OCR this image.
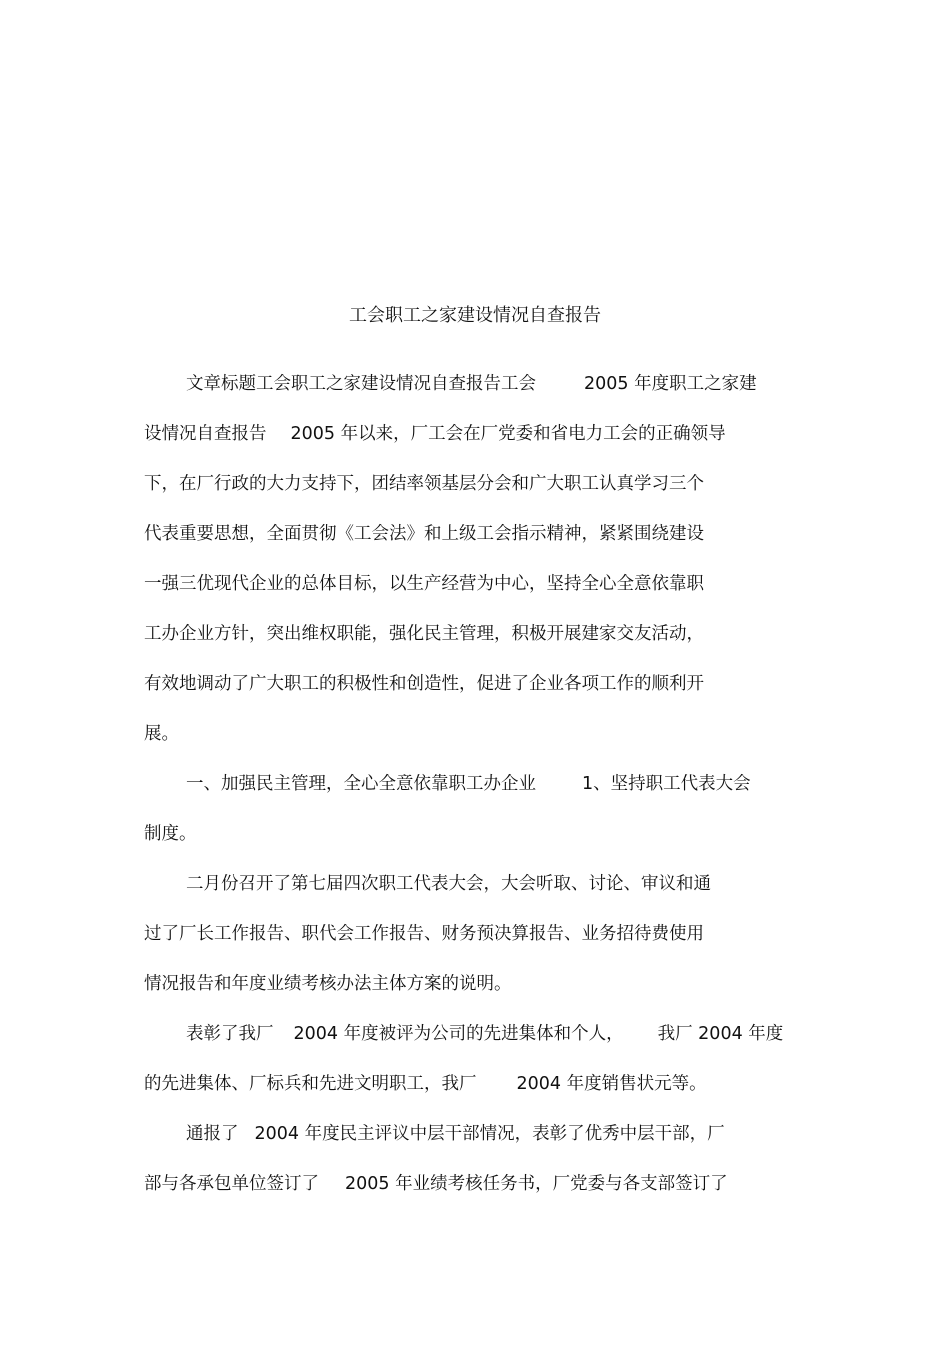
工会职工之家建设情况自查报告
文章标题工会职工之家建设情况自查报告工会	2005 年度职工之家建
设情况自查报告 2005 年以来，厂工会在厂党委和省电力工会的正确领导
下，在厂行政的大力支持下，团结率领基层分会和广大职工认真学习三个
代表重要思想，全面贯彻《工会法》和上级工会指示精神，紧紧围绕建设
一强三优现代企业的总体目标，以生产经营为中心，坚持全心全意依靠职
工办企业方针，突出维权职能，强化民主管理，积极开展建家交友活动，
有效地调动了广大职工的积极性和创造性，促进了企业各项工作的顺利开
展。
一、加强民主管理，全心全意依靠职工办企业	1、坚持职工代表大会
制度。
二月份召开了第七届四次职工代表大会，大会听取、讨论、审议和通
过了厂长工作报告、职代会工作报告、财务预决算报告、业务招待费使用
情况报告和年度业绩考核办法主体方案的说明。
表彰了我厂 2004 年度被评为公司的先进集体和个人， 我厂 2004 年度
的先进集体、厂标兵和先进文明职工，我厂 2004 年度销售状元等。
通报了 2004 年度民主评议中层干部情况，表彰了优秀中层干部，厂
部与各承包单位签订了 2005 年业绩考核任务书，厂党委与各支部签订了
